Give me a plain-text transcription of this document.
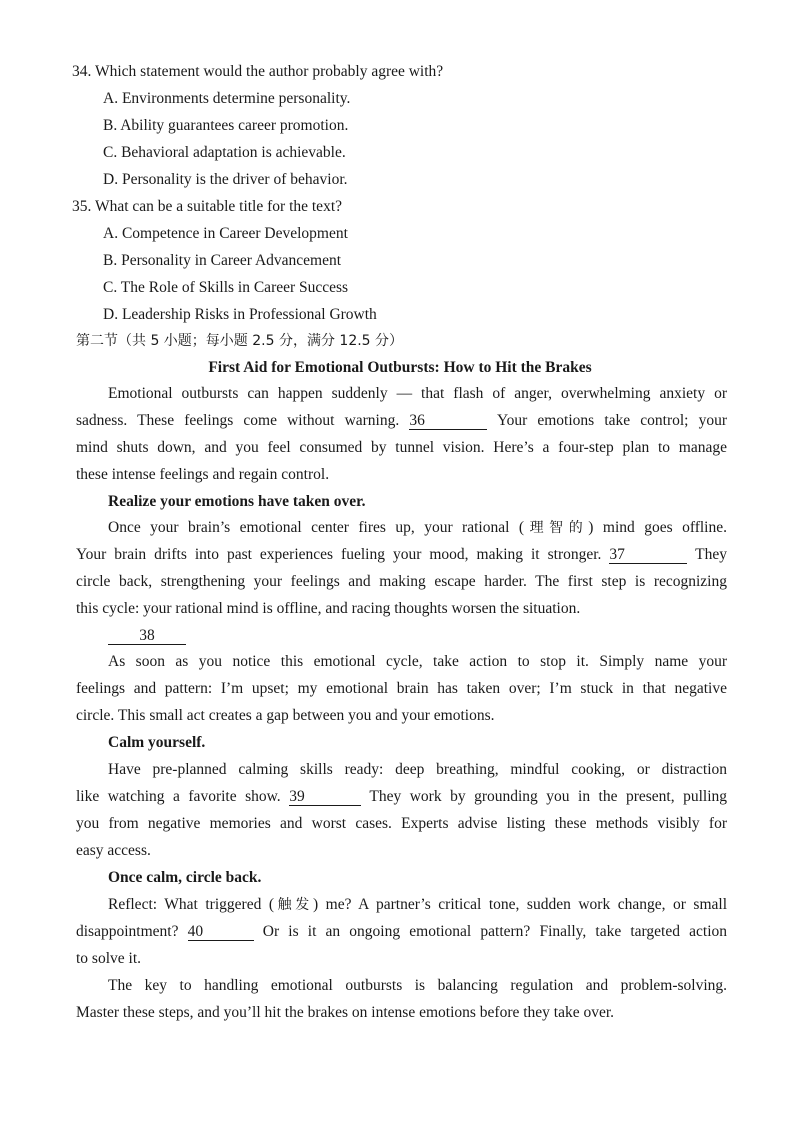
34. Which statement would the author probably agree with?
A. Environments determine personality.
B. Ability guarantees career promotion.
C. Behavioral adaptation is achievable.
D. Personality is the driver of behavior.
35. What can be a suitable title for the text?
A. Competence in Career Development
B. Personality in Career Advancement
C. The Role of Skills in Career Success
D. Leadership Risks in Professional Growth
第二节（共 5 小题；每小题 2.5 分，满分 12.5 分）
First Aid for Emotional Outbursts: How to Hit the Brakes
Emotional outbursts can happen suddenly — that flash of anger, overwhelming anxiety or
sadness. These feelings come without warning. 36	Your emotions take control; your
mind shuts down, and you feel consumed by tunnel vision. Here’s a four-step plan to manage
these intense feelings and regain control.
Realize your emotions have taken over.
Once your brain’s emotional center fires up, your rational (理智的) mind goes offline.
Your brain drifts into past experiences fueling your mood, making it stronger. 37	They
circle back, strengthening your feelings and making escape harder. The first step is recognizing
this cycle: your rational mind is offline, and racing thoughts worsen the situation.
38
As soon as you notice this emotional cycle, take action to stop it. Simply name your
feelings and pattern: I’m upset; my emotional brain has taken over; I’m stuck in that negative
circle. This small act creates a gap between you and your emotions.
Calm yourself.
Have pre-planned calming skills ready: deep breathing, mindful cooking, or distraction
like watching a favorite show. 39	They work by grounding you in the present, pulling
you from negative memories and worst cases. Experts advise listing these methods visibly for
easy access.
Once calm, circle back.
Reflect: What triggered (触发) me? A partner’s critical tone, sudden work change, or small
disappointment? 40	Or is it an ongoing emotional pattern? Finally, take targeted action
to solve it.
The key to handling emotional outbursts is balancing regulation and problem-solving.
Master these steps, and you’ll hit the brakes on intense emotions before they take over.
